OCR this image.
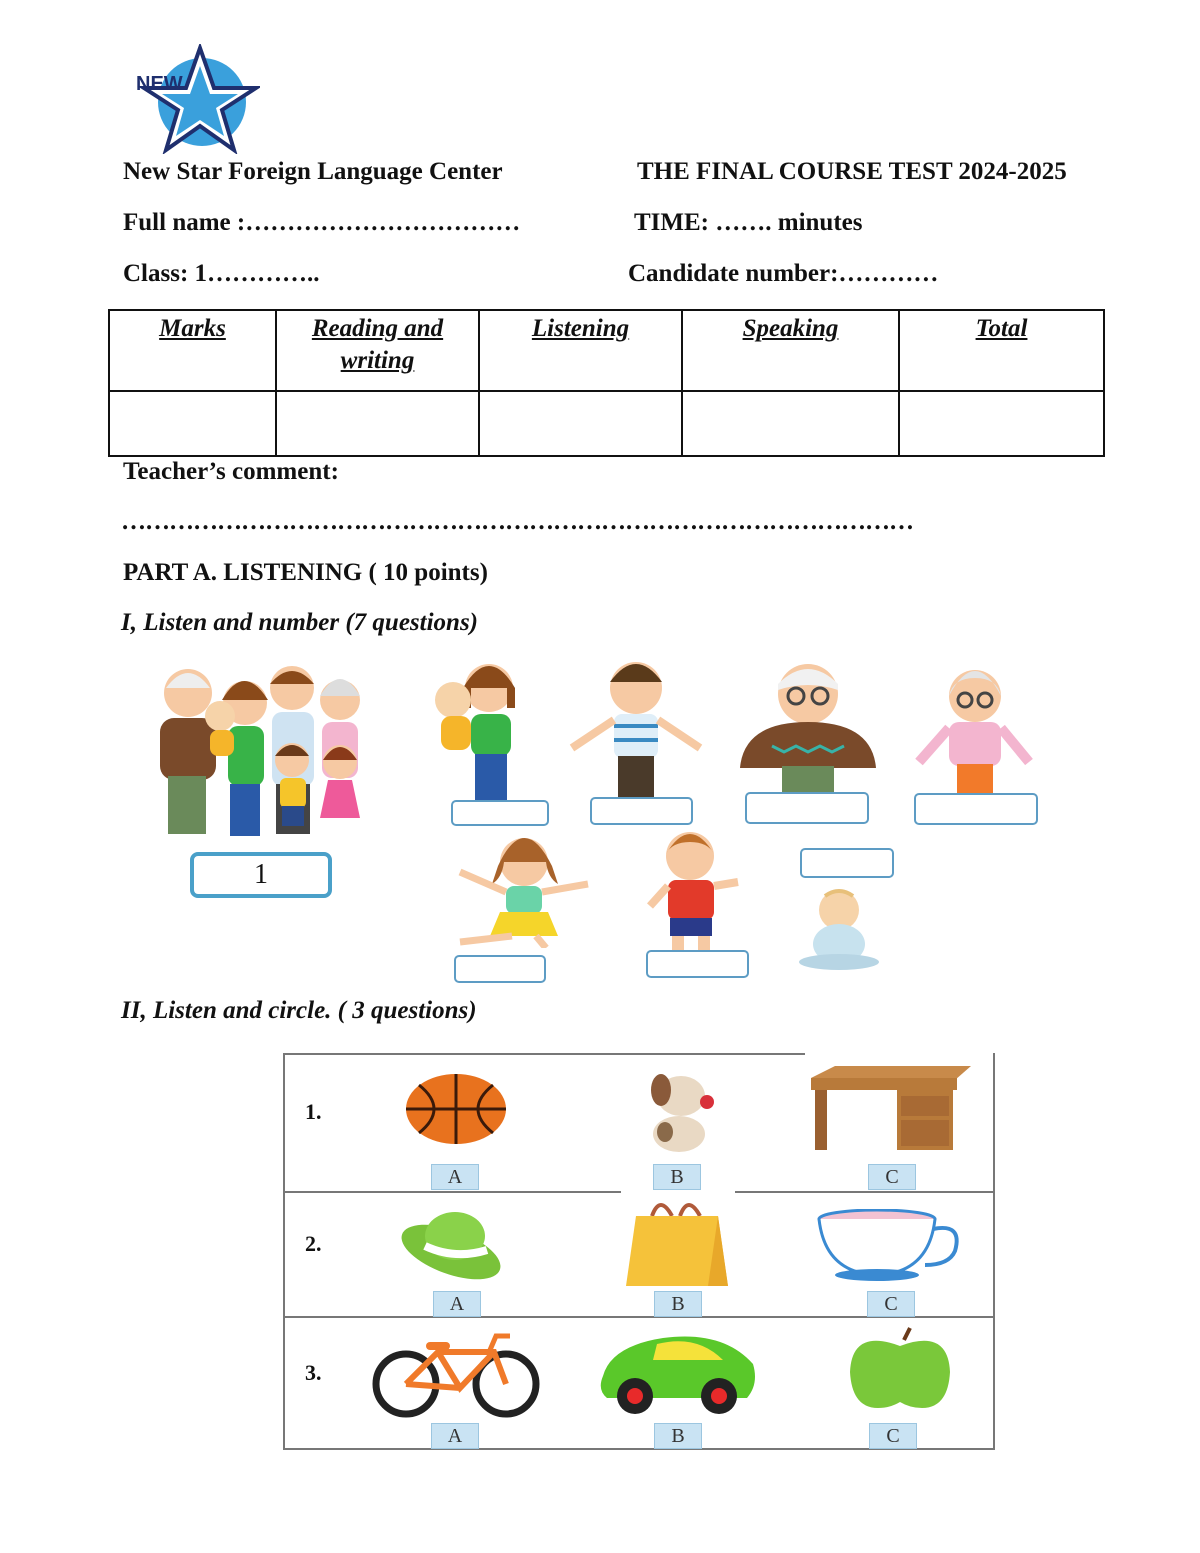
NEW
New Star Foreign Language Center	THE FINAL COURSE TEST 2024-2025
Full name :……………………………	TIME: ……. minutes
Class: 1…………..	Candidate number:…………
Marks	Reading and writing	Listening	Speaking	Total

Teacher’s comment:
………………………………………………………………………………………
PART A. LISTENING ( 10 points)
I, Listen and number (7 questions)
1
II, Listen and circle. ( 3 questions)
1.
A	B	C
2.
A	B	C
3.
A	B	C
